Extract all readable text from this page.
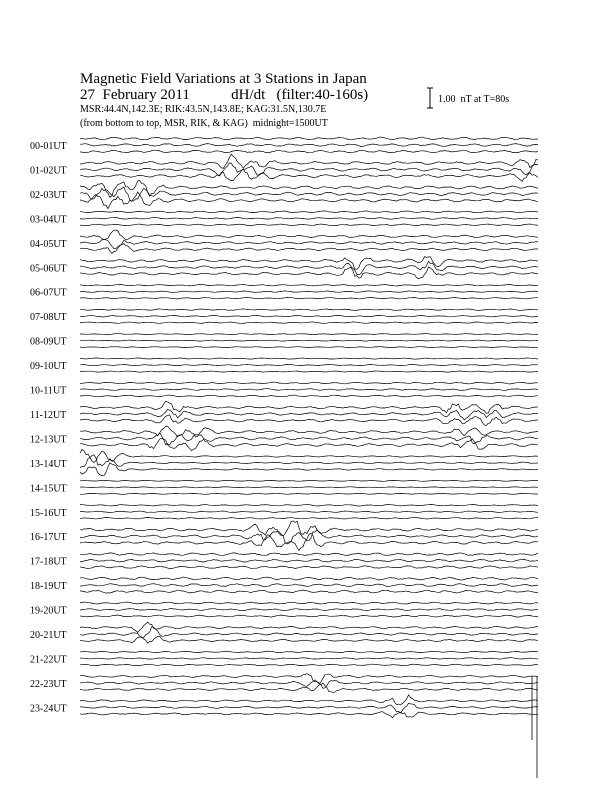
Magnetic Field Variations at 3 Stations in Japan
27  February 2011           dH/dt   (filter:40-160s)
MSR:44.4N,142.3E; RIK:43.5N,143.8E; KAG:31.5N,130.7E
(from bottom to top, MSR, RIK, & KAG)  midnight=1500UT
1.00  nT at T=80s
00-01UT
01-02UT
02-03UT
03-04UT
04-05UT
05-06UT
06-07UT
07-08UT
08-09UT
09-10UT
10-11UT
11-12UT
12-13UT
13-14UT
14-15UT
15-16UT
16-17UT
17-18UT
18-19UT
19-20UT
20-21UT
21-22UT
22-23UT
23-24UT
